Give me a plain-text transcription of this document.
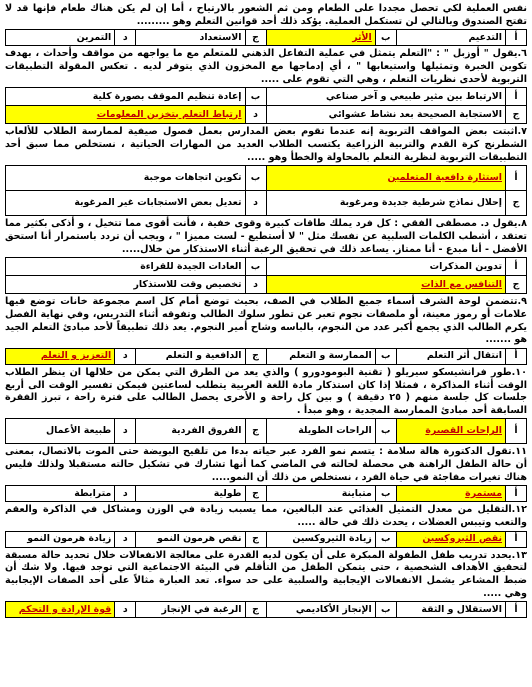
نفس العملية لكي تحصل مجددا على الطعام ومن ثم الشعور بالارتياح ، أما إن لم يكن هناك طعام فإنها قد لا تفتح الصندوق وبالتالي لن تستكمل العملية. يؤكد ذلك أحد قوانين التعلم وهو .........

أ	التدعيم	ب	الأثر	ج	الاستعداد	د	التمرين

٦.يقول " أوزبل " : "التعلم يتمثل في عملية التفاعل الذهني للمتعلم مع ما يواجهه من مواقف وأحداث ، بهدف تكوين الخبرة وتمثيلها واستيعابها " ، أي إدماجها مع المخزون الذي يتوفر لديه . تعكس المقولة التطبيقات التربوية لأحدى نظريات التعلم ، وهي التي تقوم على .....

أ	الارتباط بين مثير طبيعي و آخر صناعي	ب	إعادة تنظيم الموقف بصورة كلية
ج	الاستجابة الصحيحة بعد نشاط عشوائي	د	ارتباط التعلم بتخزين المعلومات

٧.اثبتت بعض المواقف التربوية إنه عندما تقوم بعض المدارس بعمل فصول صيفية لممارسة الطلاب للألعاب الشطرنج كرة القدم والتربية الزراعية يكتسب الطلاب العديد من المهارات الحياتية ، نستخلص مما سبق أحد التطبيقات التربوية لنظرية التعلم بالمحاولة والخطأ وهو .....

أ	استثارة دافعية المتعلمين	ب	تكوين اتجاهات موجبة
ج	إحلال نماذج شرطية جديدة ومرغوبة	د	تعديل بعض الاستجابات غير المرغوبة

٨.يقول د. مصطفى الفقي : كل فرد يملك طاقات كبيرة وقوى خفية ، فأنت أقوى مما تتخيل ، و أذكى بكثير مما تعتقد ، أشطب الكلمات السلبية عن نفسك مثل " لا أستطيع - لست مميزا " ، ويجب أن تردد باستمرار أنا استحق الأفضل - أنا مبدع - أنا ممتاز. يساعد ذلك في تحقيق الرغبة أثناء الاستذكار من خلال.....

أ	تدوين المذكرات	ب	العادات الجيدة للقراءة
ج	التنافس مع الذات	د	تخصيص وقت للاستذكار

٩.تتضمن لوحة الشرف أسماء جميع الطلاب في الصف، بحيث توضع أمام كل اسم مجموعة خانات توضع فيها علامات أو رموز معينة، أو ملصقات نجوم تعبر عن تطور سلوك الطالب وتفوقه أثناء التدريس، وفي نهاية الفصل يكرم الطالب الذي يجمع أكبر عدد من النجوم، بالباسه وشاح أمير النجوم. يعد ذلك تطبيقاً لأحد مبادئ التعلم الجيد هو .......

أ	انتقال أثر التعلم	ب	الممارسة و التعلم	ج	الدافعية و التعلم	د	التعزيز و التعلم

١٠.طور فرانشيسكو سيريلو ( تقنية البومودورو ) والذي يعد من الطرق التي يمكن من خلالها ان ينظر الطلاب الوقت أثناء المذاكرة ، فمثلا إذا كان استذكار مادة اللغة العربية يتطلب لساعتين فيمكن تفسير الوقت الى أربع جلسات كل جلسة منهم ( ٢٥ دقيقة ) و بين كل راحة و الأخرى يحصل الطالب على فترة راحة ، تبرز الفقرة السابقة أحد مبادئ الممارسة المجدية ، وهو مبدأ .

أ	الراحات القصيرة	ب	الراحات الطويلة	ج	الفروق الفردية	د	طبيعة الأعمال

١١.تقول الدكتورة هالة سلامة : يتسم نمو الفرد عبر حياته بدءا من تلقيح البويضة حتى الموت بالاتصال، بمعنى أن حالة الطفل الراهنة هي محصلة لحالته في الماضي كما أنها تشارك في تشكيل حالته مستقبلا ولذلك فليس هناك تغيرات مفاجئة في حياة الفرد ، نستخلص من ذلك أن النمو.....

أ	مستمرة	ب	متباينة	ج	طولية	د	مترابطة

١٢.التقليل من معدل التمثيل الغذائي عند البالغين، مما يسبب زيادة في الوزن ومشاكل في الذاكرة والعقم والتعب وتيبس العضلات ، يحدث ذلك في حالة .....

أ	نقص الثيروكسين	ب	زيادة الثيروكسين	ج	نقص هرمون النمو	د	زيادة هرمون النمو

١٣.يحدد تدريب طفل الطفولة المبكرة على أن يكون لديه القدرة على معالجة الانفعالات خلال تحديد حالة مسبقة لتحقيق الأهداف الشخصية ، حتى يتمكن الطفل من التأقلم في البيئة الاجتماعية التي توجد فيها. ولا شك أن ضبط المشاعر يشمل الانفعالات الإيجابية والسلبية على حد سواء. تعد العبارة مثالاً على أحد الصفات الإيجابية وهي .....

أ	الاستقلال و الثقة	ب	الإنجاز الأكاديمي	ج	الرغبة في الإنجاز	د	قوة الإرادة و التحكم
